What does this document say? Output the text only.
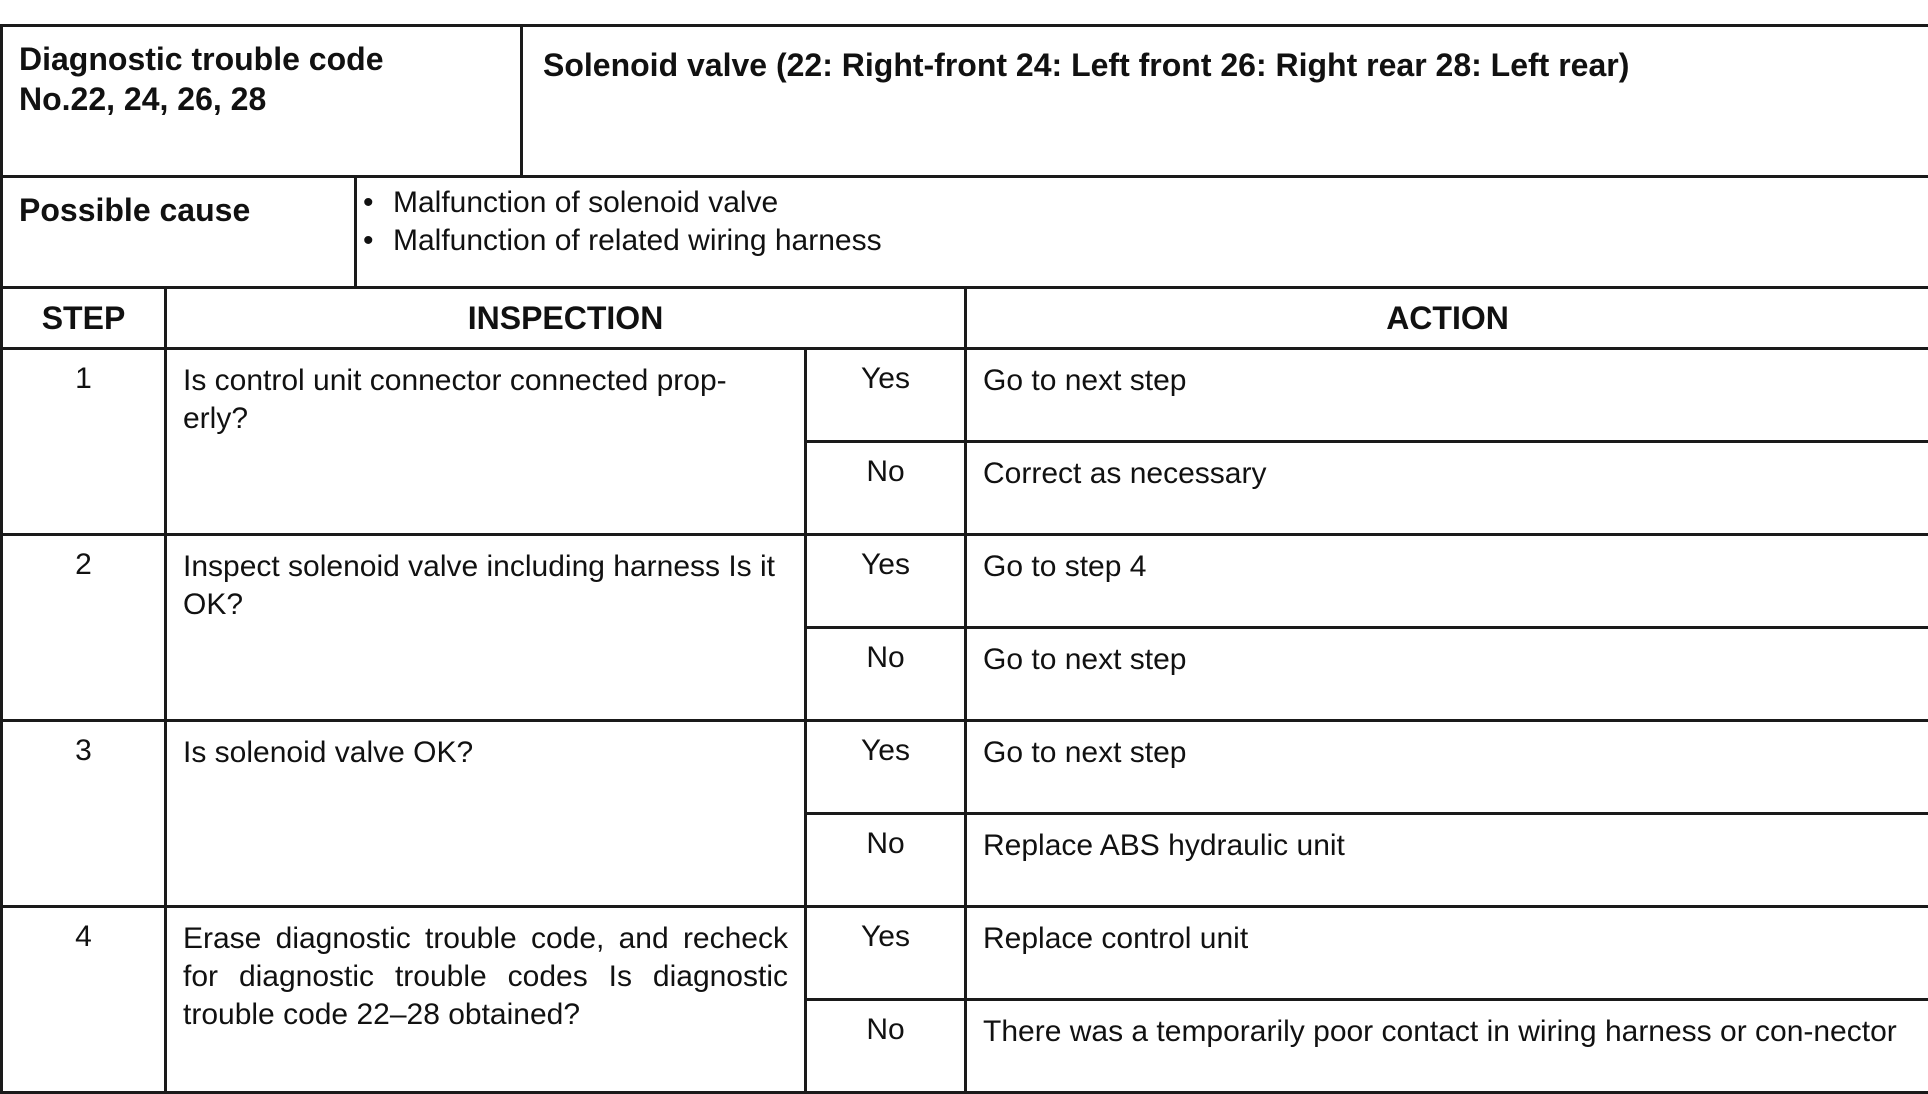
Diagnostic trouble code
No.22, 24, 26, 28
	Solenoid valve (22: Right-front 24: Left front 26: Right rear 28: Left rear)
Possible cause	
•Malfunction of solenoid valve
• Malfunction of related wiring harness
STEP	INSPECTION		ACTION
1	Is control unit connector connected prop-erly?	Yes	Go to next step
		No	Correct as necessary
2	Inspect solenoid valve including harness Is it OK?	Yes	Go to step 4
		No	Go to next step
3	Is solenoid valve OK?	Yes	Go to next step
		No	Replace ABS hydraulic unit
4	Erase diagnostic trouble code, and recheck for diagnostic trouble codes Is diagnostic trouble code 22–28 obtained?	Yes	Replace control unit
		No	There was a temporarily poor contact in wiring harness or con-nector
